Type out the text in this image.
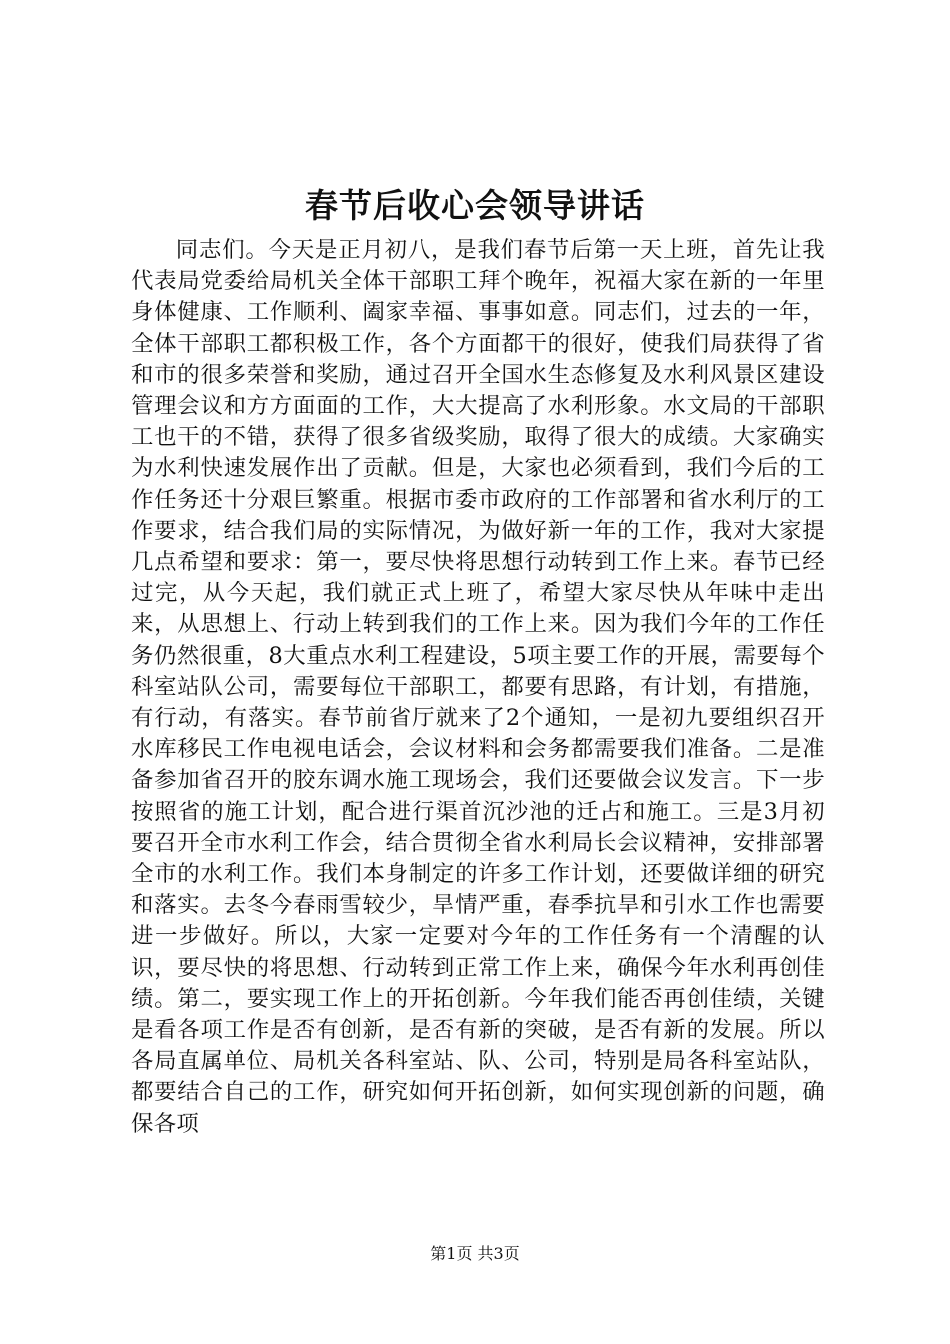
春节后收心会领导讲话

同志们。今天是正月初八，是我们春节后第一天上班，首先让我代表局党委给局机关全体干部职工拜个晚年，祝福大家在新的一年里身体健康、工作顺利、阖家幸福、事事如意。同志们，过去的一年，全体干部职工都积极工作，各个方面都干的很好，使我们局获得了省和市的很多荣誉和奖励，通过召开全国水生态修复及水利风景区建设管理会议和方方面面的工作，大大提高了水利形象。水文局的干部职工也干的不错，获得了很多省级奖励，取得了很大的成绩。大家确实为水利快速发展作出了贡献。但是，大家也必须看到，我们今后的工作任务还十分艰巨繁重。根据市委市政府的工作部署和省水利厅的工作要求，结合我们局的实际情况，为做好新一年的工作，我对大家提几点希望和要求：第一，要尽快将思想行动转到工作上来。春节已经过完，从今天起，我们就正式上班了，希望大家尽快从年味中走出来，从思想上、行动上转到我们的工作上来。因为我们今年的工作任务仍然很重，8大重点水利工程建设，5项主要工作的开展，需要每个科室站队公司，需要每位干部职工，都要有思路，有计划，有措施，有行动，有落实。春节前省厅就来了2个通知，一是初九要组织召开水库移民工作电视电话会，会议材料和会务都需要我们准备。二是准备参加省召开的胶东调水施工现场会，我们还要做会议发言。下一步按照省的施工计划，配合进行渠首沉沙池的迁占和施工。三是3月初要召开全市水利工作会，结合贯彻全省水利局长会议精神，安排部署全市的水利工作。我们本身制定的许多工作计划，还要做详细的研究和落实。去冬今春雨雪较少，旱情严重，春季抗旱和引水工作也需要进一步做好。所以，大家一定要对今年的工作任务有一个清醒的认识，要尽快的将思想、行动转到正常工作上来，确保今年水利再创佳绩。第二，要实现工作上的开拓创新。今年我们能否再创佳绩，关键是看各项工作是否有创新，是否有新的突破，是否有新的发展。所以各局直属单位、局机关各科室站、队、公司，特别是局各科室站队，都要结合自己的工作，研究如何开拓创新，如何实现创新的问题，确保各项

第1页 共3页
